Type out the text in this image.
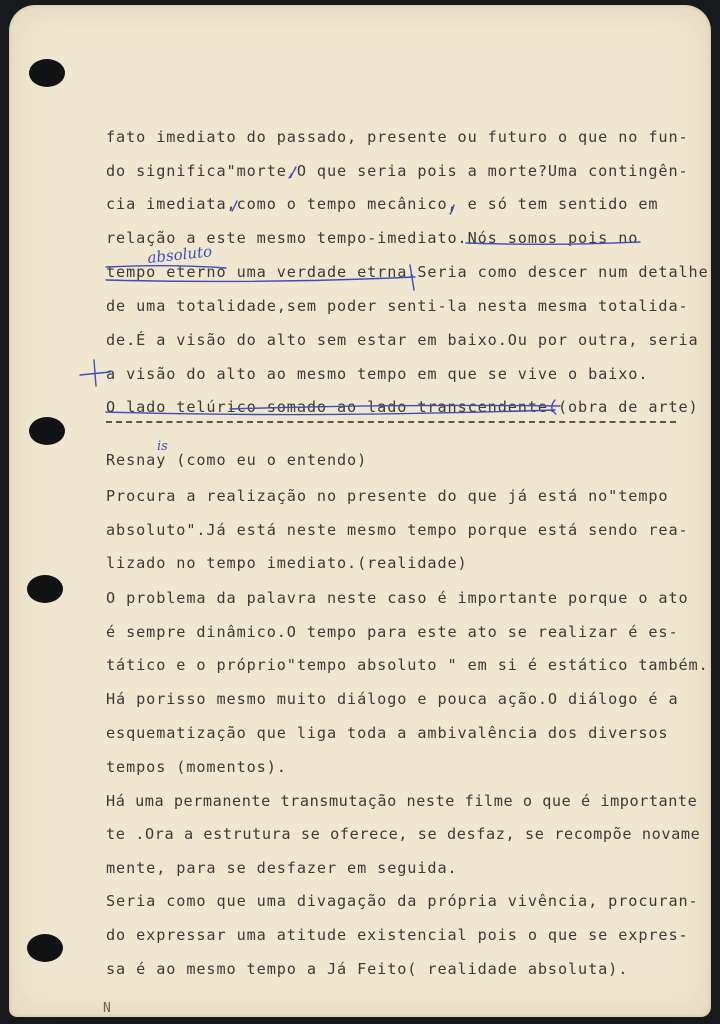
fato imediato do passado, presente ou futuro o que no fun-
do significa"morte,O que seria pois a morte?Uma contingên-
cia imediata,como o tempo mecânico, e só tem sentido em
relação a este mesmo tempo-imediato.Nós somos pois no
tempo eterno uma verdade etrna.Seria como descer num detalhe
de uma totalidade,sem poder senti-la nesta mesma totalida-
de.É a visão do alto sem estar em baixo.Ou por outra, seria
a visão do alto ao mesmo tempo em que se vive o baixo.
O lado telúrico somado ao lado transcendente.(obra de arte)
Resnay (como eu o entendo)
Procura a realização no presente do que já está no"tempo
absoluto".Já está neste mesmo tempo porque está sendo rea-
lizado no tempo imediato.(realidade)
O problema da palavra neste caso é importante porque o ato
é sempre dinâmico.O tempo para este ato se realizar é es-
tático e o próprio"tempo absoluto " em si é estático também.
Há porisso mesmo muito diálogo e pouca ação.O diálogo é a
esquematização que liga toda a ambivalência dos diversos
tempos (momentos).
Há uma permanente transmutação neste filme o que é importante
te .Ora a estrutura se oferece, se desfaz, se recompõe novame
mente, para se desfazer em seguida.
Seria como que uma divagação da própria vivência, procuran-
do expressar uma atitude existencial pois o que se expres-
sa é ao mesmo tempo a Já Feito( realidade absoluta).
N
absoluto
is
